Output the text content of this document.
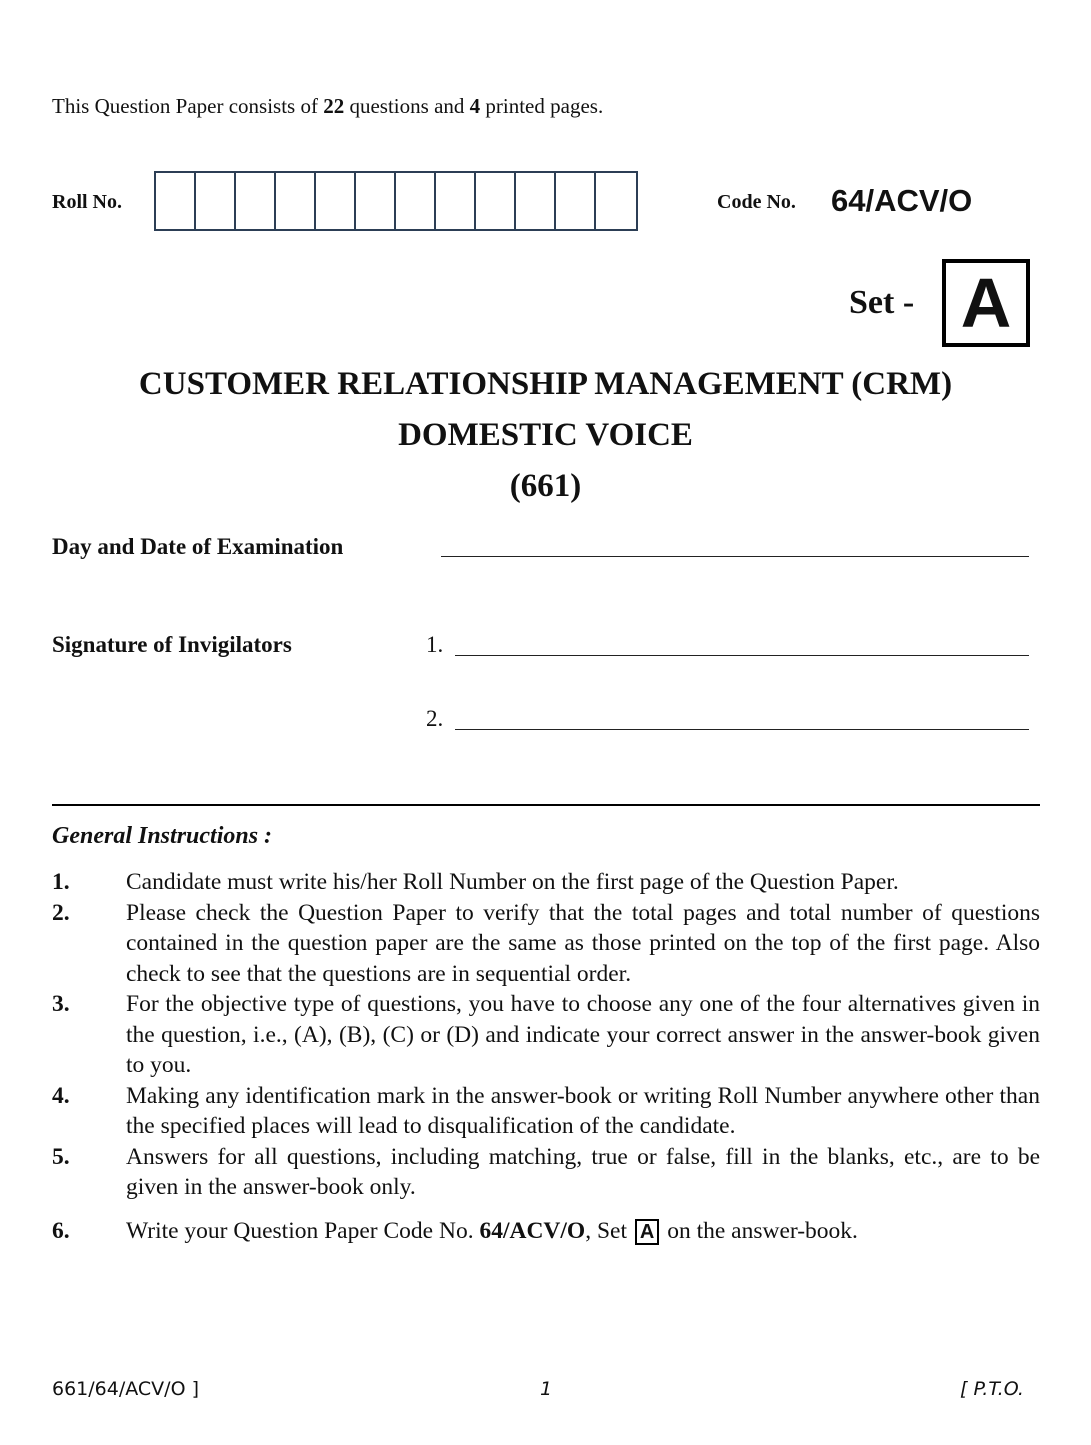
This Question Paper consists of 22 questions and 4 printed pages.
Roll No.	Code No. 64/ACV/O
Set - A
CUSTOMER RELATIONSHIP MANAGEMENT (CRM)
DOMESTIC VOICE
(661)
Day and Date of Examination
Signature of Invigilators	1.
2.
General Instructions :
1.	Candidate must write his/her Roll Number on the first page of the Question Paper.
2.	Please check the Question Paper to verify that the total pages and total number of questions contained in the question paper are the same as those printed on the top of the first page. Also check to see that the questions are in sequential order.
3.	For the objective type of questions, you have to choose any one of the four alternatives given in the question, i.e., (A), (B), (C) or (D) and indicate your correct answer in the answer-book given to you.
4.	Making any identification mark in the answer-book or writing Roll Number anywhere other than the specified places will lead to disqualification of the candidate.
5.	Answers for all questions, including matching, true or false, fill in the blanks, etc., are to be given in the answer-book only.
6.	Write your Question Paper Code No. 64/ACV/O, Set A on the answer-book.
661/64/ACV/O ]	1	[ P.T.O.
